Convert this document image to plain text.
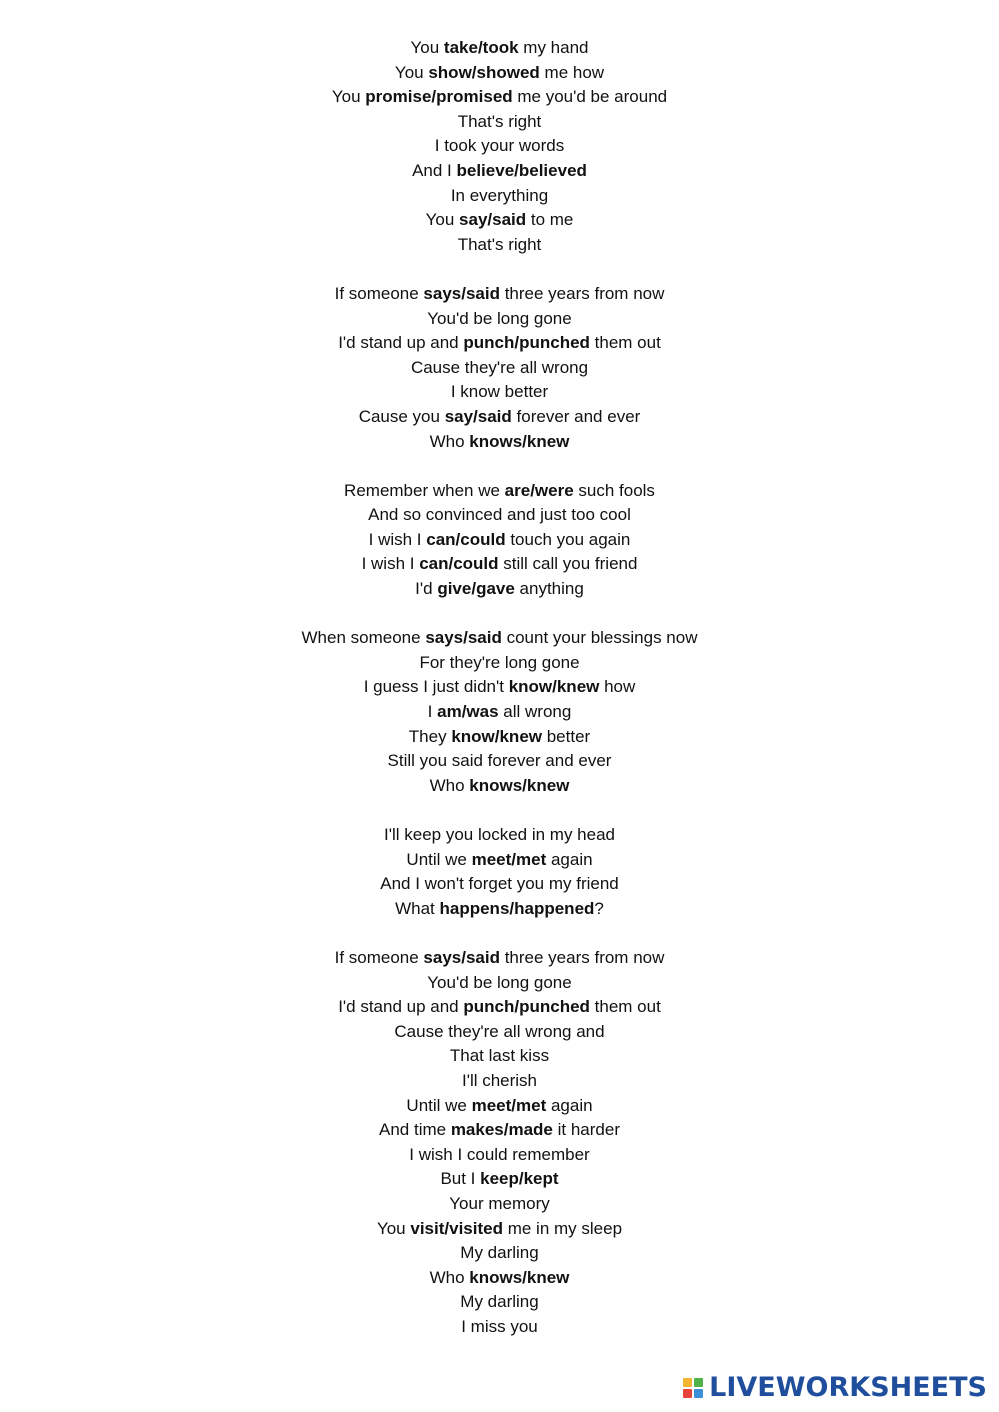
You take/took my hand
You show/showed me how
You promise/promised me you'd be around
That's right
I took your words
And I believe/believed
In everything
You say/said to me
That's right
If someone says/said three years from now
You'd be long gone
I'd stand up and punch/punched them out
Cause they're all wrong
I know better
Cause you say/said forever and ever
Who knows/knew
Remember when we are/were such fools
And so convinced and just too cool
I wish I can/could touch you again
I wish I can/could still call you friend
I'd give/gave anything
When someone says/said count your blessings now
For they're long gone
I guess I just didn't know/knew how
I am/was all wrong
They know/knew better
Still you said forever and ever
Who knows/knew
I'll keep you locked in my head
Until we meet/met again
And I won't forget you my friend
What happens/happened?
If someone says/said three years from now
You'd be long gone
I'd stand up and punch/punched them out
Cause they're all wrong and
That last kiss
I'll cherish
Until we meet/met again
And time makes/made it harder
I wish I could remember
But I keep/kept
Your memory
You visit/visited me in my sleep
My darling
Who knows/knew
My darling
I miss you
LIVEWORKSHEETS
